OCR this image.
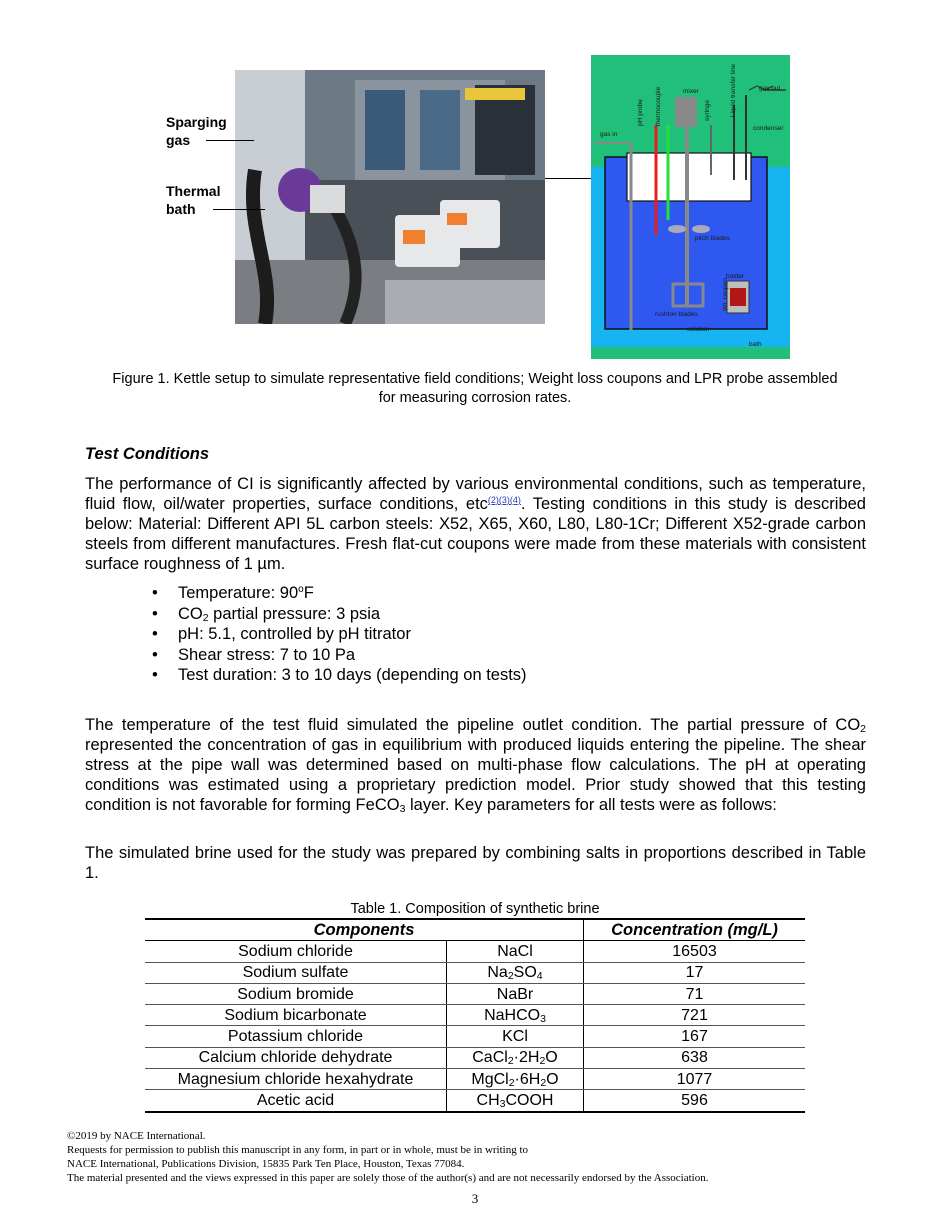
Sparging
gas
Thermal
bath
gas in
mixer	gas out
condenser
pitch blades
holder
rushton blades
solution
bath
pH probe thermocouple	syringe	Liquid transfer line
WL coupon
Figure 1. Kettle setup to simulate representative field conditions; Weight loss coupons and LPR probe assembled
for measuring corrosion rates.
Test Conditions
The performance of CI is significantly affected by various environmental conditions, such as temperature, fluid flow, oil/water properties, surface conditions, etc$^{(2)(3)(4)}$. Testing conditions in this study is described below: Material: Different API 5L carbon steels: X52, X65, X60, L80, L80-1Cr; Different X52-grade carbon steels from different manufactures. Fresh flat-cut coupons were made from these materials with consistent surface roughness of 1 µm.
• Temperature: 90$^o$F
• $CO_2$ partial pressure: 3 psia
• pH: 5.1, controlled by pH titrator
• Shear stress: 7 to 10 Pa
• Test duration: 3 to 10 days (depending on tests)
The temperature of the test fluid simulated the pipeline outlet condition. The partial pressure of $CO_2$ represented the concentration of gas in equilibrium with produced liquids entering the pipeline. The shear stress at the pipe wall was determined based on multi-phase flow calculations. The pH at operating conditions was estimated using a proprietary prediction model. Prior study showed that this testing condition is not favorable for forming FeCO$_3$ layer. Key parameters for all tests were as follows:
The simulated brine used for the study was prepared by combining salts in proportions described in Table 1.
Table 1. Composition of synthetic brine
Components		Concentration (mg/L)
Sodium chloride	NaCl	16503
Sodium sulfate	$Na_2SO_4$	17
Sodium bromide	NaBr	71
Sodium bicarbonate	NaHCO$_3$	721
Potassium chloride	KCl	167
Calcium chloride dehydrate	$CaCl_2\cdot 2H_2O$	638
Magnesium chloride hexahydrate	$MgCl_2\cdot 6H_2O$	1077
Acetic acid	$CH_3COOH$	596
©2019 by NACE International.
Requests for permission to publish this manuscript in any form, in part or in whole, must be in writing to
NACE International, Publications Division, 15835 Park Ten Place, Houston, Texas 77084.
The material presented and the views expressed in this paper are solely those of the author(s) and are not necessarily endorsed by the Association.
3
